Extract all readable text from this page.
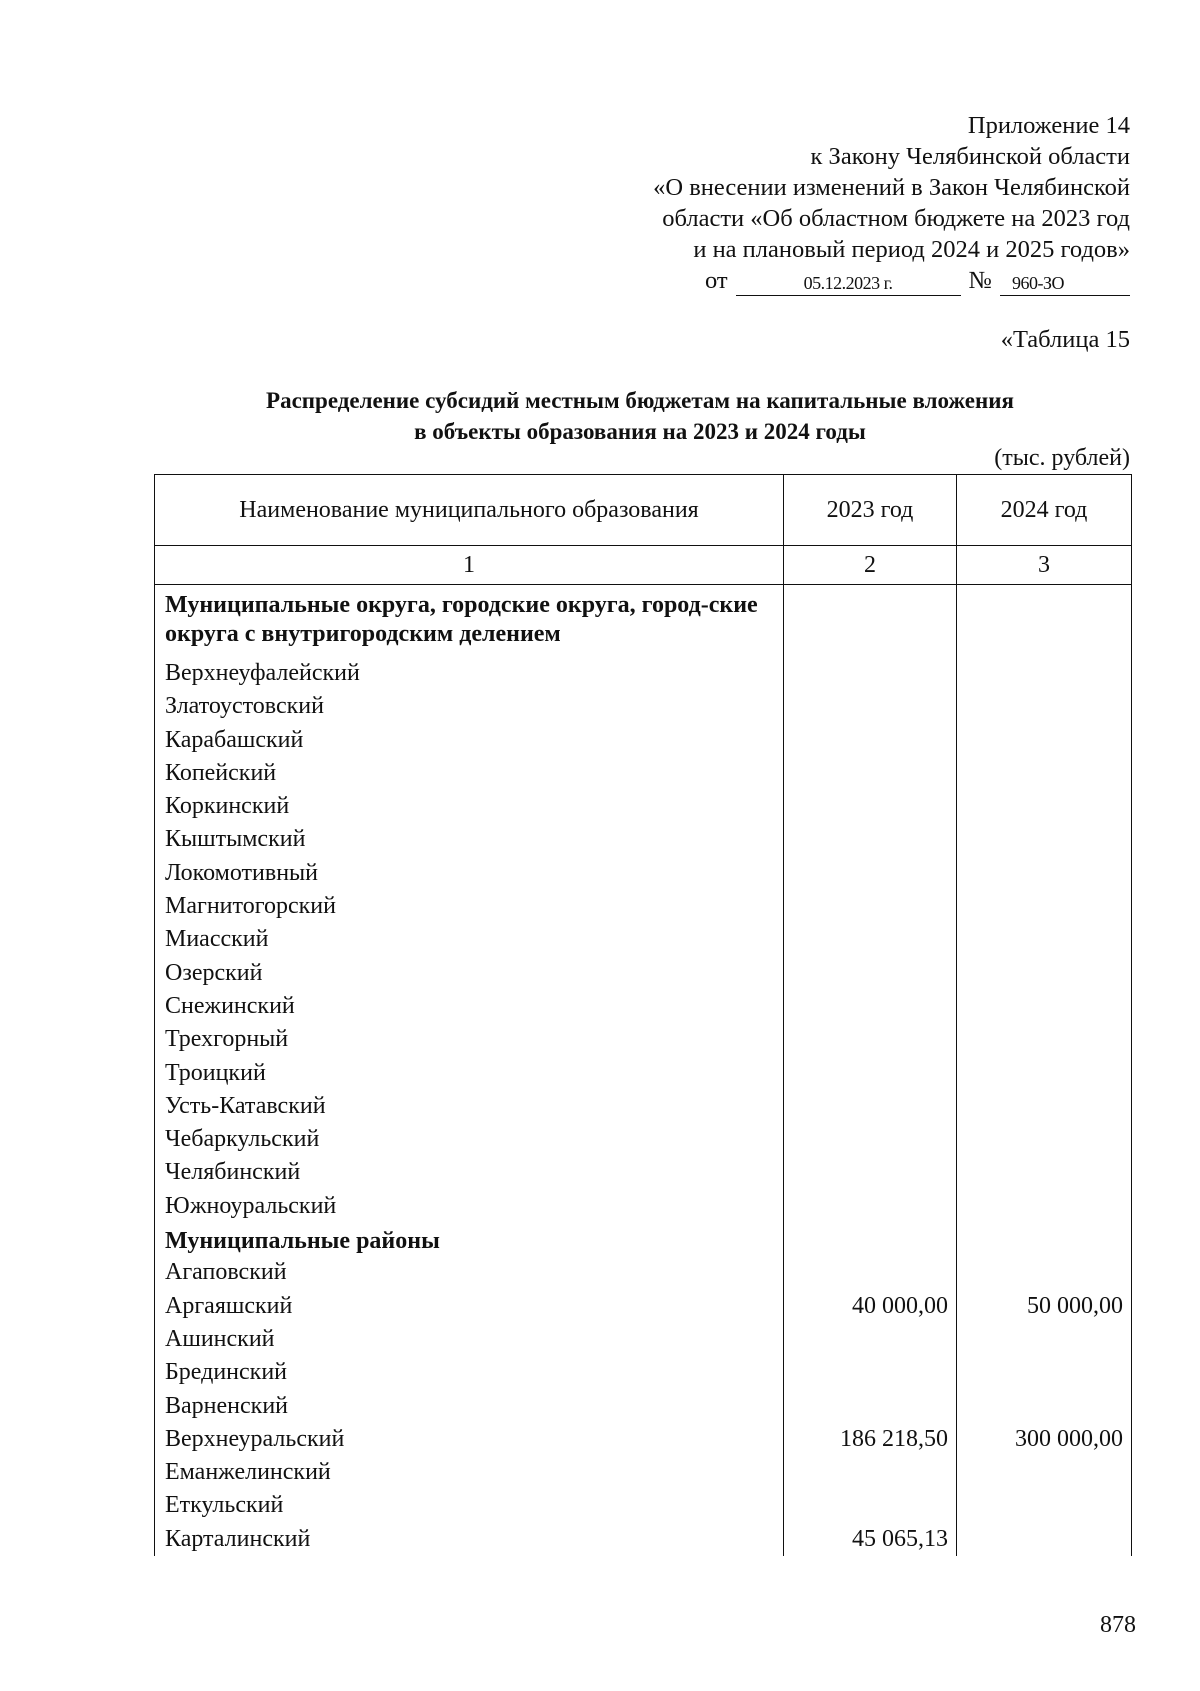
Приложение 14
к Закону Челябинской области
«О внесении изменений в Закон Челябинской
области «Об областном бюджете на 2023 год
и на плановый период 2024 и 2025 годов»
от	05.12.2023 г.	№	960-ЗО
«Таблица 15
Распределение субсидий местным бюджетам на капитальные вложения
в объекты образования на 2023 и 2024 годы
(тыс. рублей)
Наименование муниципального образования	2023 год	2024 год
1	2	3
Муниципальные округа, городские округа, город-ские округа с внутригородским делением		
Верхнеуфалейский		
Златоустовский		
Карабашский		
Копейский		
Коркинский		
Кыштымский		
Локомотивный		
Магнитогорский		
Миасский		
Озерский		
Снежинский		
Трехгорный		
Троицкий		
Усть-Катавский		
Чебаркульский		
Челябинский		
Южноуральский		
Муниципальные районы		
Агаповский		
Аргаяшский	40 000,00	50 000,00
Ашинский		
Брединский		
Варненский		
Верхнеуральский	186 218,50	300 000,00
Еманжелинский		
Еткульский		
Карталинский	45 065,13	
878
